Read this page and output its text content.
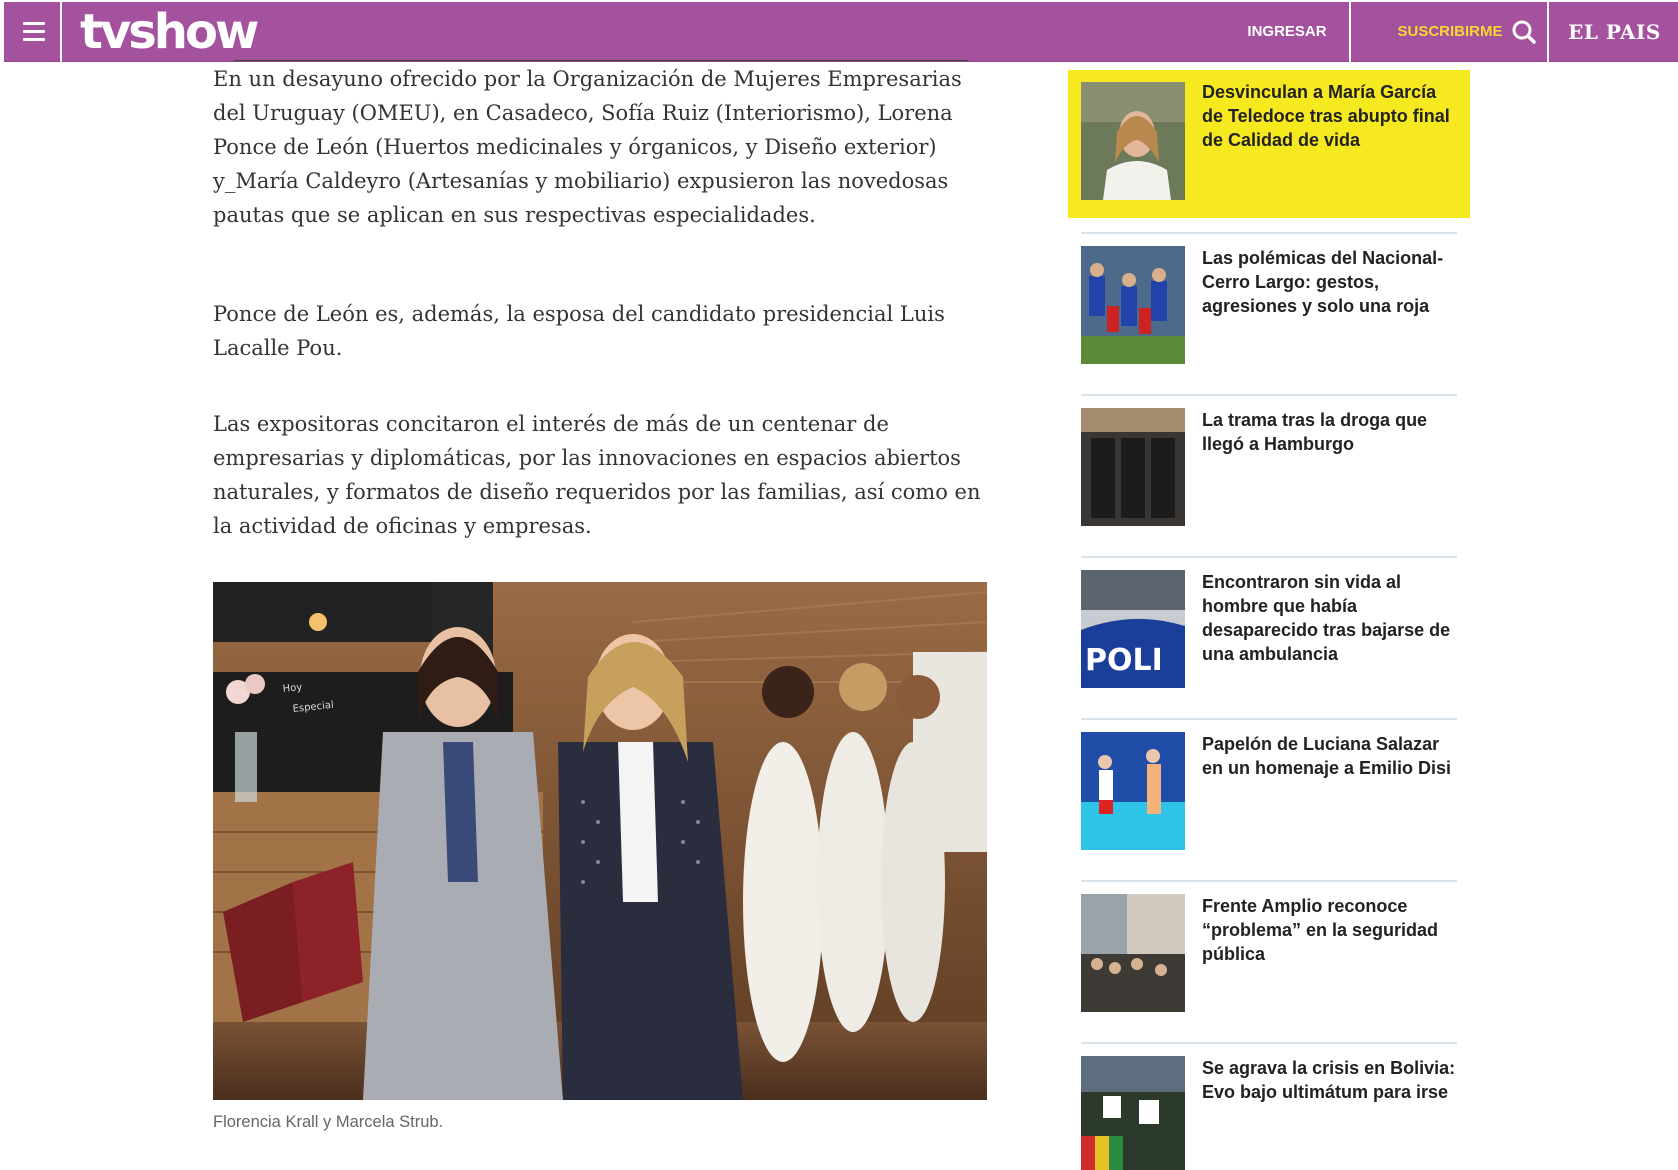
tvshow	INGRESAR	SUSCRIBIRME	EL PAIS

En un desayuno ofrecido por la Organización de Mujeres Empresarias del Uruguay (OMEU), en Casadeco, Sofía Ruiz (Interiorismo), Lorena Ponce de León (Huertos medicinales y órganicos, y Diseño exterior) y_María Caldeyro (Artesanías y mobiliario) expusieron las novedosas pautas que se aplican en sus respectivas especialidades.

Ponce de León es, además, la esposa del candidato presidencial Luis Lacalle Pou.

Las expositoras concitaron el interés de más de un centenar de empresarias y diplomáticas, por las innovaciones en espacios abiertos naturales, y formatos de diseño requeridos por las familias, así como en la actividad de oficinas y empresas.

Hoy
Especial
Florencia Krall y Marcela Strub.
Desvinculan a María García de Teledoce tras abupto final de Calidad de vida
Las polémicas del Nacional-Cerro Largo: gestos, agresiones y solo una roja
La trama tras la droga que llegó a Hamburgo
POLI
Encontraron sin vida al hombre que había desaparecido tras bajarse de una ambulancia
Papelón de Luciana Salazar en un homenaje a Emilio Disi
Frente Amplio reconoce “problema” en la seguridad pública
Se agrava la crisis en Bolivia: Evo bajo ultimátum para irse
